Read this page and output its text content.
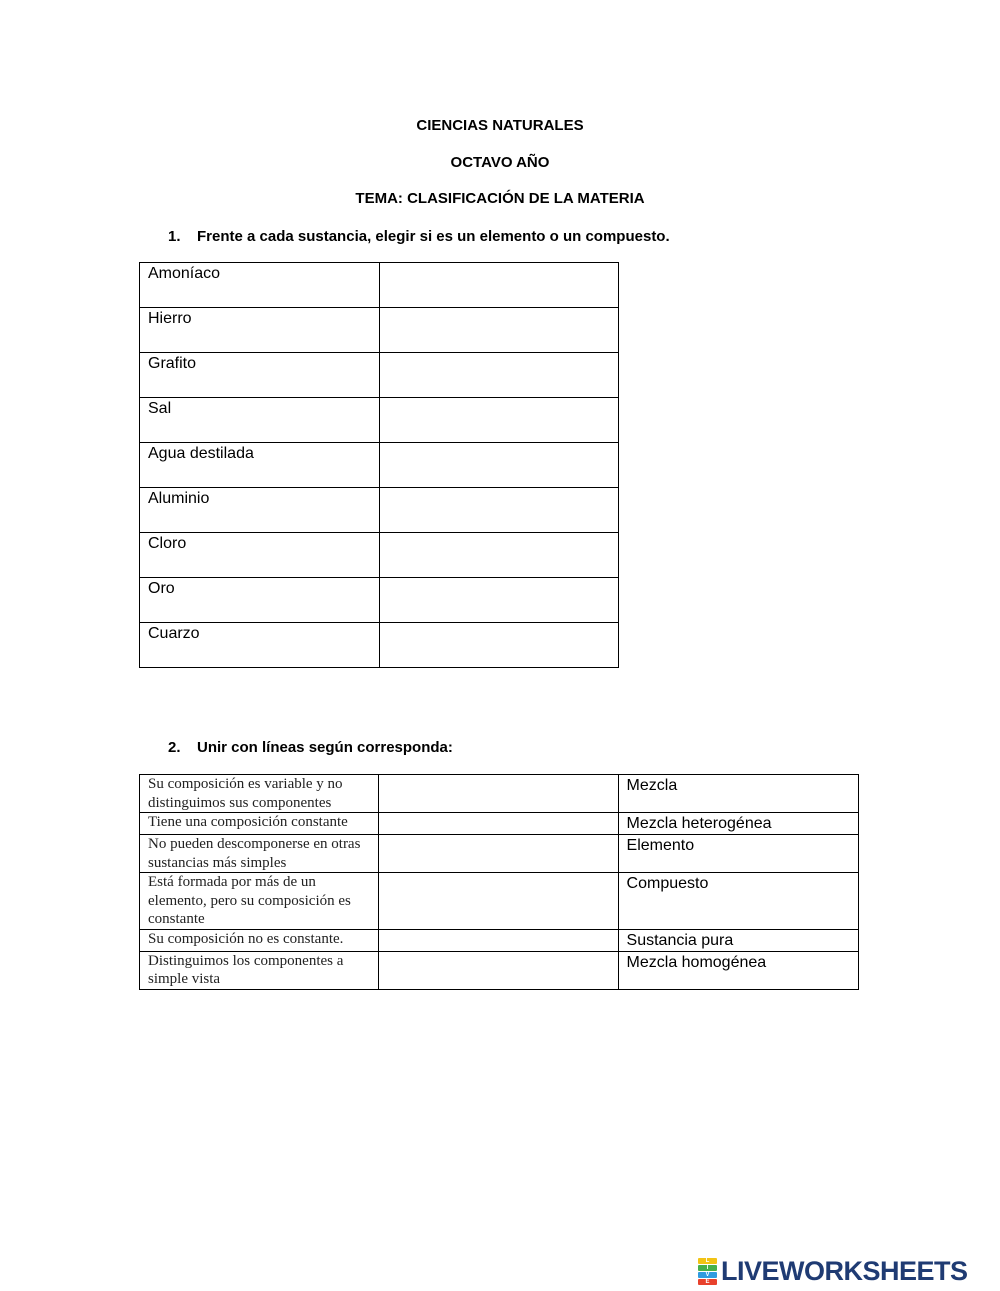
CIENCIAS NATURALES
OCTAVO AÑO
TEMA: CLASIFICACIÓN DE LA MATERIA
1. Frente a cada sustancia, elegir si es un elemento o un compuesto.
Amoníaco	

Hierro	

Grafito	

Sal	

Agua destilada	

Aluminio	

Cloro	

Oro	

Cuarzo	

2. Unir con líneas según corresponda:
Su composición es variable y no distinguimos sus componentes		Mezcla

Tiene una composición constante		Mezcla heterogénea

No pueden descomponerse en otras sustancias más simples		Elemento

Está formada por más de un elemento, pero su composición es constante		Compuesto

Su composición no es constante.		Sustancia pura

Distinguimos los componentes a simple vista		Mezcla homogénea
L
I
V
E LIVEWORKSHEETS
